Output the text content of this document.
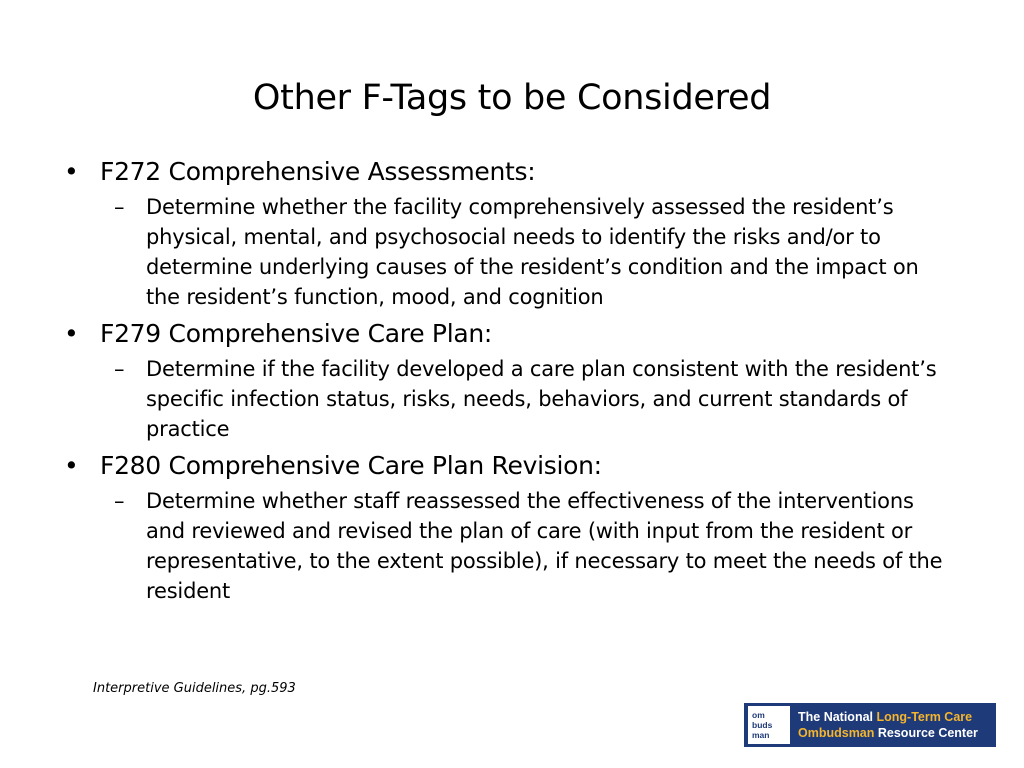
Other F-Tags to be Considered
• F272 Comprehensive Assessments:
– Determine whether the facility comprehensively assessed the resident’s physical, mental, and psychosocial needs to identify the risks and/or to determine underlying causes of the resident’s condition and the impact on the resident’s function, mood, and cognition
• F279 Comprehensive Care Plan:
– Determine if the facility developed a care plan consistent with the resident’s specific infection status, risks, needs, behaviors, and current standards of practice
• F280 Comprehensive Care Plan Revision:
– Determine whether staff reassessed the effectiveness of the interventions and reviewed and revised the plan of care (with input from the resident or representative, to the extent possible), if necessary to meet the needs of the resident
Interpretive Guidelines, pg.593
om
buds
man
The National Long-Term Care
Ombudsman Resource Center
